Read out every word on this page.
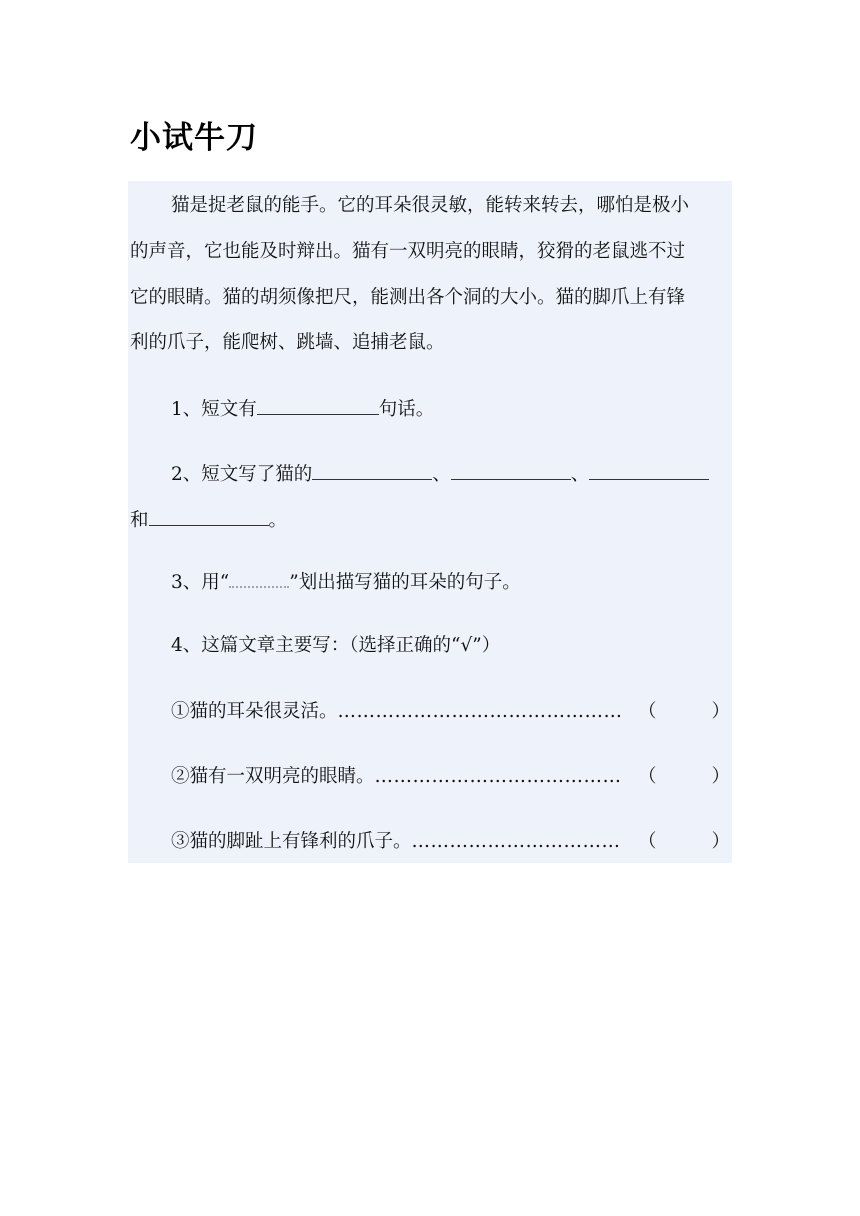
小试牛刀
猫是捉老鼠的能手。它的耳朵很灵敏，能转来转去，哪怕是极小
的声音，它也能及时辩出。猫有一双明亮的眼睛，狡猾的老鼠逃不过
它的眼睛。猫的胡须像把尺，能测出各个洞的大小。猫的脚爪上有锋
利的爪子，能爬树、跳墙、追捕老鼠。
1、短文有	句话。
2、短文写了猫的	、	、
和	。
3、用“	”划出描写猫的耳朵的句子。
4、这篇文章主要写：（选择正确的“√”）
①猫的耳朵很灵活。 ……………………………………… （	）
②猫有一双明亮的眼睛。 ………………………………… （	）
③猫的脚趾上有锋利的爪子。 …………………………… （	）
